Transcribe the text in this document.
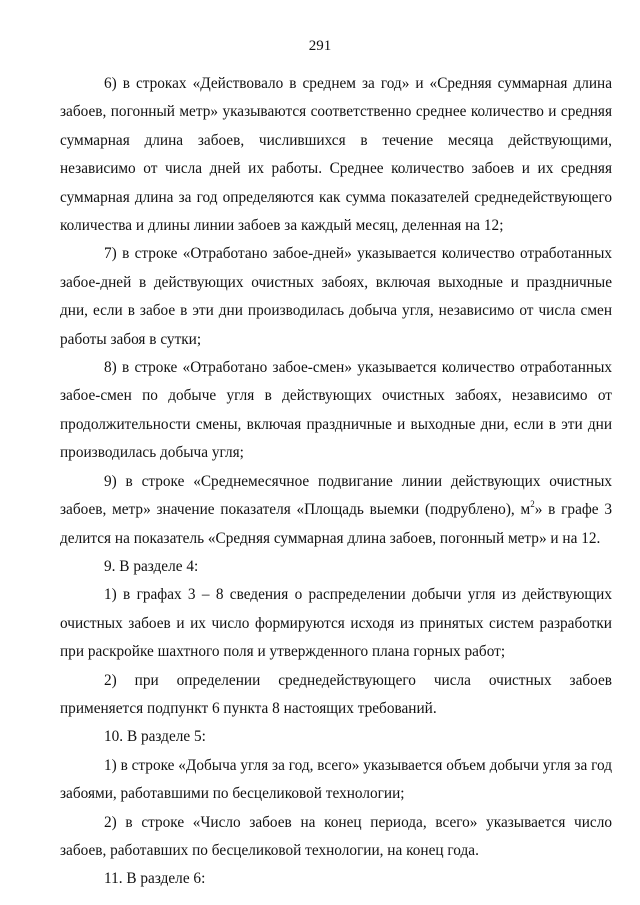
291

6) в строках «Действовало в среднем за год» и «Средняя суммарная длина забоев, погонный метр» указываются соответственно среднее количество и средняя суммарная длина забоев, числившихся в течение месяца действующими, независимо от числа дней их работы. Среднее количество забоев и их средняя суммарная длина за год определяются как сумма показателей среднедействующего количества и длины линии забоев за каждый месяц, деленная на 12;

7) в строке «Отработано забое-дней» указывается количество отработанных забое-дней в действующих очистных забоях, включая выходные и праздничные дни, если в забое в эти дни производилась добыча угля, независимо от числа смен работы забоя в сутки;

8) в строке «Отработано забое-смен» указывается количество отработанных забое-смен по добыче угля в действующих очистных забоях, независимо от продолжительности смены, включая праздничные и выходные дни, если в эти дни производилась добыча угля;

9) в строке «Среднемесячное подвигание линии действующих очистных забоев, метр» значение показателя «Площадь выемки (подрублено), $м^2$» в графе 3 делится на показатель «Средняя суммарная длина забоев, погонный метр» и на 12.

9. В разделе 4:

1) в графах 3 – 8 сведения о распределении добычи угля из действующих очистных забоев и их число формируются исходя из принятых систем разработки при раскройке шахтного поля и утвержденного плана горных работ;

2) при определении среднедействующего числа очистных забоев применяется подпункт 6 пункта 8 настоящих требований.

10. В разделе 5:

1) в строке «Добыча угля за год, всего» указывается объем добычи угля за год забоями, работавшими по бесцеликовой технологии;

2) в строке «Число забоев на конец периода, всего» указывается число забоев, работавших по бесцеликовой технологии, на конец года.

11. В разделе 6:
